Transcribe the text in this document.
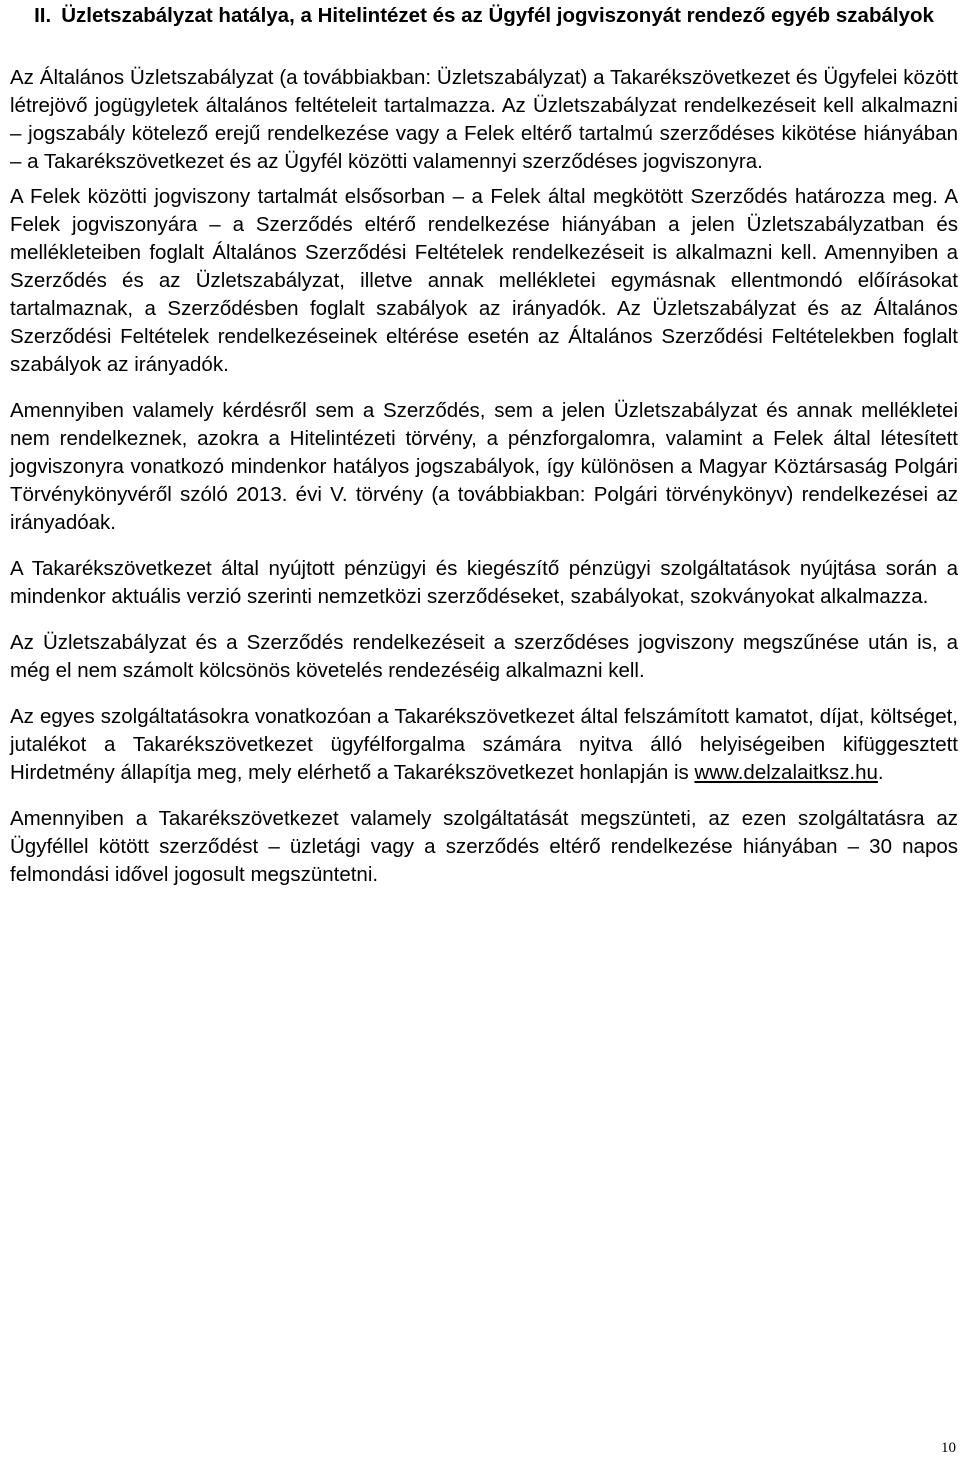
II. Üzletszabályzat hatálya, a Hitelintézet és az Ügyfél jogviszonyát rendező egyéb szabályok

Az Általános Üzletszabályzat (a továbbiakban: Üzletszabályzat) a Takarékszövetkezet és Ügyfelei között létrejövő jogügyletek általános feltételeit tartalmazza. Az Üzletszabályzat rendelkezéseit kell alkalmazni – jogszabály kötelező erejű rendelkezése vagy a Felek eltérő tartalmú szerződéses kikötése hiányában – a Takarékszövetkezet és az Ügyfél közötti valamennyi szerződéses jogviszonyra.

A Felek közötti jogviszony tartalmát elsősorban – a Felek által megkötött Szerződés határozza meg. A Felek jogviszonyára – a Szerződés eltérő rendelkezése hiányában a jelen Üzletszabályzatban és mellékleteiben foglalt Általános Szerződési Feltételek rendelkezéseit is alkalmazni kell. Amennyiben a Szerződés és az Üzletszabályzat, illetve annak mellékletei egymásnak ellentmondó előírásokat tartalmaznak, a Szerződésben foglalt szabályok az irányadók. Az Üzletszabályzat és az Általános Szerződési Feltételek rendelkezéseinek eltérése esetén az Általános Szerződési Feltételekben foglalt szabályok az irányadók.

Amennyiben valamely kérdésről sem a Szerződés, sem a jelen Üzletszabályzat és annak mellékletei nem rendelkeznek, azokra a Hitelintézeti törvény, a pénzforgalomra, valamint a Felek által létesített jogviszonyra vonatkozó mindenkor hatályos jogszabályok, így különösen a Magyar Köztársaság Polgári Törvénykönyvéről szóló 2013. évi V. törvény (a továbbiakban: Polgári törvénykönyv) rendelkezései az irányadóak.

A Takarékszövetkezet által nyújtott pénzügyi és kiegészítő pénzügyi szolgáltatások nyújtása során a mindenkor aktuális verzió szerinti nemzetközi szerződéseket, szabályokat, szokványokat alkalmazza.

Az Üzletszabályzat és a Szerződés rendelkezéseit a szerződéses jogviszony megszűnése után is, a még el nem számolt kölcsönös követelés rendezéséig alkalmazni kell.

Az egyes szolgáltatásokra vonatkozóan a Takarékszövetkezet által felszámított kamatot, díjat, költséget, jutalékot a Takarékszövetkezet ügyfélforgalma számára nyitva álló helyiségeiben kifüggesztett Hirdetmény állapítja meg, mely elérhető a Takarékszövetkezet honlapján is www.delzalaitksz.hu.

Amennyiben a Takarékszövetkezet valamely szolgáltatását megszünteti, az ezen szolgáltatásra az Ügyféllel kötött szerződést – üzletági vagy a szerződés eltérő rendelkezése hiányában – 30 napos felmondási idővel jogosult megszüntetni.

10
